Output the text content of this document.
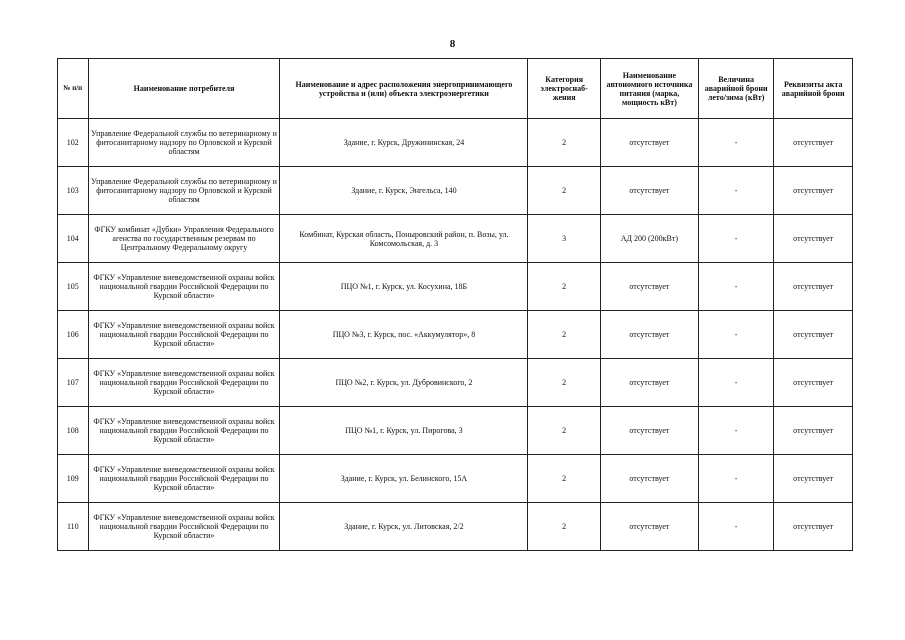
8
№ п/п	Наименование потребителя	Наименование и адрес расположения энергопринимающего устройства и (или) объекта электроэнергетики	Категория электроснаб-жения	Наименование автономного источника питания (марка, мощность кВт)	Величина аварийной брони лето/зима (кВт)	Реквизиты акта аварийной брони
102	Управление Федеральной службы по ветеринарному и фитосанитарному надзору по Орловской и Курской областям	Здание, г. Курск, Дружининская, 24	2	отсутствует	-	отсутствует
103	Управление Федеральной службы по ветеринарному и фитосанитарному надзору по Орловской и Курской областям	Здание, г. Курск, Энгельса, 140	2	отсутствует	-	отсутствует
104	ФГКУ комбинат «Дубки» Управления Федерального агенства по государственным резервам по Центральному Федеральному округу	Комбинат, Курская область, Поныровский район, п. Возы, ул. Комсомольская, д. 3	3	АД 200 (200кВт)	-	отсутствует
105	ФГКУ «Управление вневедомственной охраны войск национальной гвардии Российской Федерации по Курской области»	ПЦО №1, г. Курск, ул. Косухина, 18Б	2	отсутствует	-	отсутствует
106	ФГКУ «Управление вневедомственной охраны войск национальной гвардии Российской Федерации по Курской области»	ПЦО №3, г. Курск, пос. «Аккумулятор», 8	2	отсутствует	-	отсутствует
107	ФГКУ «Управление вневедомственной охраны войск национальной гвардии Российской Федерации по Курской области»	ПЦО №2, г. Курск, ул. Дубровинского, 2	2	отсутствует	-	отсутствует
108	ФГКУ «Управление вневедомственной охраны войск национальной гвардии Российской Федерации по Курской области»	ПЦО №1, г. Курск, ул. Пирогова, 3	2	отсутствует	-	отсутствует
109	ФГКУ «Управление вневедомственной охраны войск национальной гвардии Российской Федерации по Курской области»	Здание, г. Курск, ул. Белинского, 15А	2	отсутствует	-	отсутствует
110	ФГКУ «Управление вневедомственной охраны войск национальной гвардии Российской Федерации по Курской области»	Здание, г. Курск, ул. Литовская, 2/2	2	отсутствует	-	отсутствует
